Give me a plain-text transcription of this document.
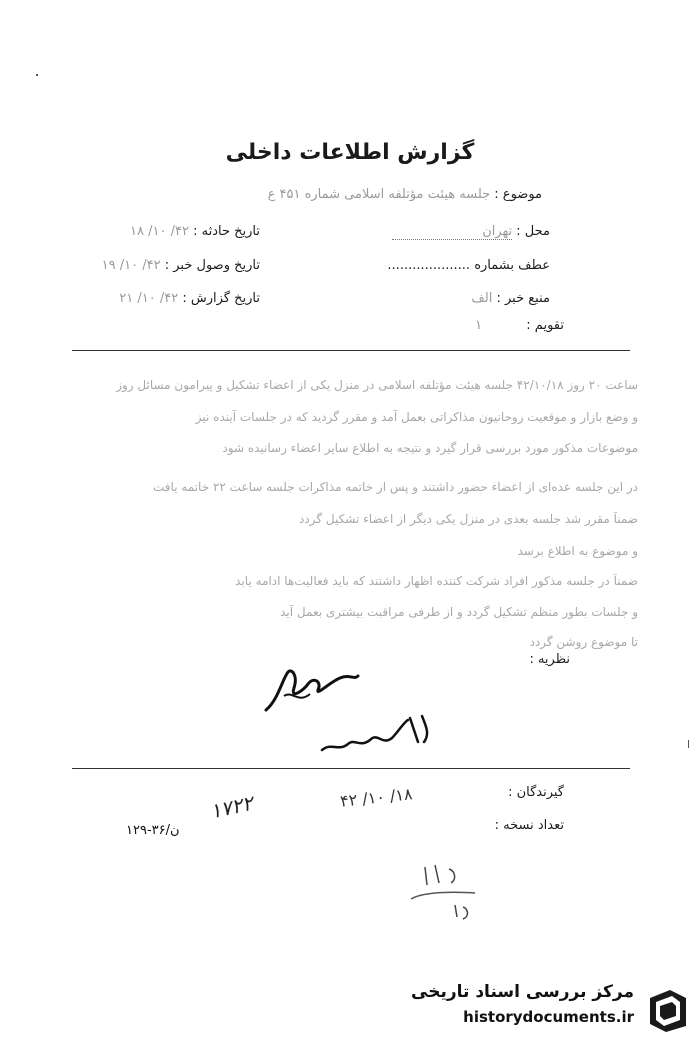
گزارش اطلاعات داخلی
موضوع : جلسه هیئت مؤتلفه اسلامی شماره ۴۵۱ ع
محل : تهران
تاریخ حادثه : ۴۲/ ۱۰/ ۱۸
عطف بشماره ....................
تاریخ وصول خبر : ۴۲/ ۱۰/ ۱۹
منبع خبر : الف
تاریخ گزارش : ۴۲/ ۱۰/ ۲۱
تقویم : ۱
ساعت ۲۰ روز ۴۲/۱۰/۱۸ جلسه هیئت مؤتلفه اسلامی در منزل یکی از اعضاء تشکیل و پیرامون مسائل روز
و وضع بازار و موقعیت روحانیون مذاکراتی بعمل آمد و مقرر گردید که در جلسات آینده نیز
موضوعات مذکور مورد بررسی قرار گیرد و نتیجه به اطلاع سایر اعضاء رسانیده شود
در این جلسه عده‌ای از اعضاء حضور داشتند و پس از خاتمه مذاکرات جلسه ساعت ۲۲ خاتمه یافت
ضمناً مقرر شد جلسه بعدی در منزل یکی دیگر از اعضاء تشکیل گردد
و موضوع به اطلاع برسد
ضمناً در جلسه مذکور افراد شرکت کننده اظهار داشتند که باید فعالیت‌ها ادامه یابد
و جلسات بطور منظم تشکیل گردد و از طرفی مراقبت بیشتری بعمل آید
تا موضوع روشن گردد
نظریه :
گیرندگان :
تعداد نسخه :
۱۸/ ۱۰/ ۴۲
۱۷۲۲
۱۲۹-۳۶/ن
مرکز بررسی اسناد تاریخی
historydocuments.ir
